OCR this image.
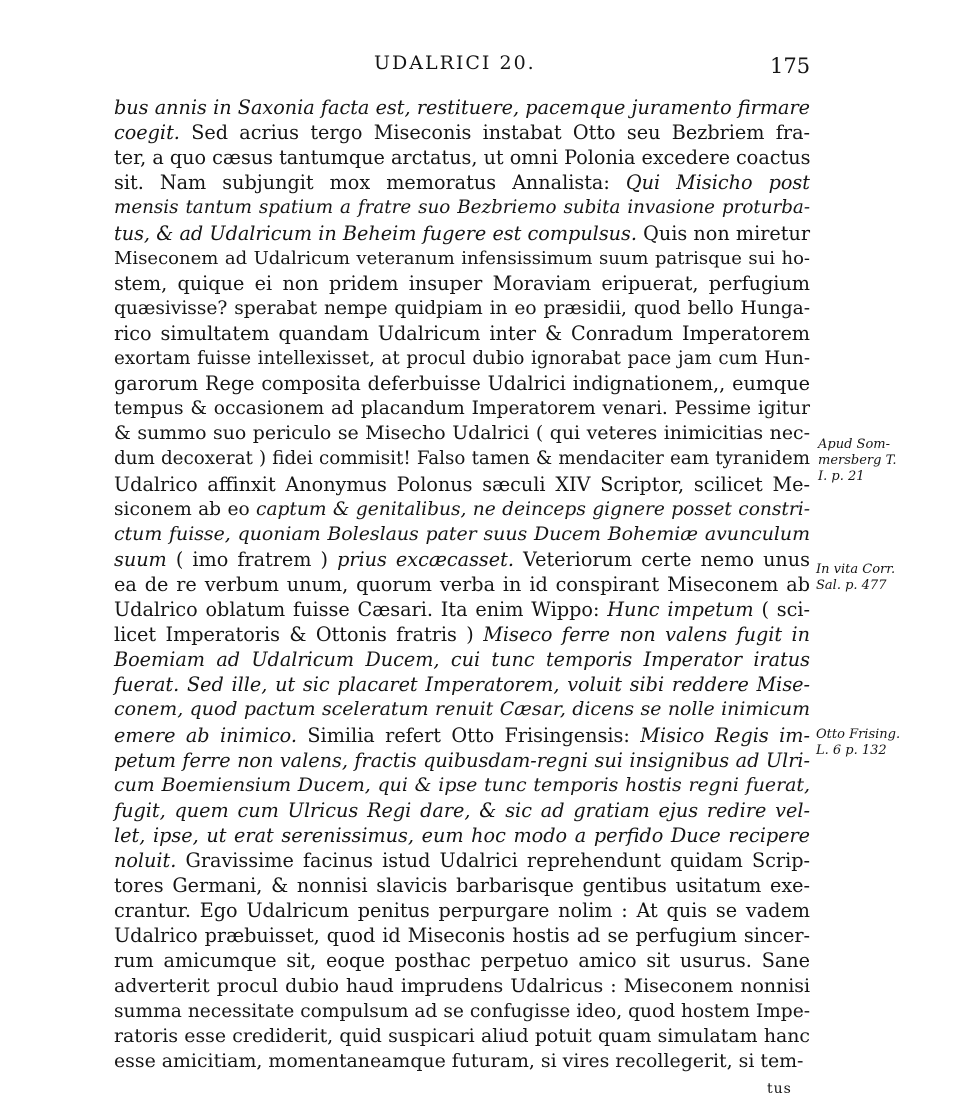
UDALRICI 20.	175
bus annis in Saxonia facta est, restituere, pacemque juramento firmare
coegit. Sed acrius tergo Miseconis instabat Otto seu Bezbriem fra-
ter, a quo cæsus tantumque arctatus, ut omni Polonia excedere coactus
sit. Nam subjungit mox memoratus Annalista: Qui Misicho post
mensis tantum spatium a fratre suo Bezbriemo subita invasione proturba-
tus, & ad Udalricum in Beheim fugere est compulsus. Quis non miretur
Miseconem ad Udalricum veteranum infensissimum suum patrisque sui ho-
stem, quique ei non pridem insuper Moraviam eripuerat, perfugium
quæsivisse? sperabat nempe quidpiam in eo præsidii, quod bello Hunga-
rico simultatem quandam Udalricum inter & Conradum Imperatorem
exortam fuisse intellexisset, at procul dubio ignorabat pace jam cum Hun-
garorum Rege composita deferbuisse Udalrici indignationem,, eumque
tempus & occasionem ad placandum Imperatorem venari. Pessime igitur
& summo suo periculo se Misecho Udalrici ( qui veteres inimicitias nec-
dum decoxerat ) fidei commisit! Falso tamen & mendaciter eam tyranidem
Udalrico affinxit Anonymus Polonus sæculi XIV Scriptor, scilicet Me-
siconem ab eo captum & genitalibus, ne deinceps gignere posset constri-
ctum fuisse, quoniam Boleslaus pater suus Ducem Bohemiæ avunculum
suum ( imo fratrem ) prius excæcasset. Veteriorum certe nemo unus
ea de re verbum unum, quorum verba in id conspirant Miseconem ab
Udalrico oblatum fuisse Cæsari. Ita enim Wippo: Hunc impetum ( sci-
licet Imperatoris & Ottonis fratris ) Miseco ferre non valens fugit in
Boemiam ad Udalricum Ducem, cui tunc temporis Imperator iratus
fuerat. Sed ille, ut sic placaret Imperatorem, voluit sibi reddere Mise-
conem, quod pactum sceleratum renuit Cæsar, dicens se nolle inimicum
emere ab inimico. Similia refert Otto Frisingensis: Misico Regis im-
petum ferre non valens, fractis quibusdam-regni sui insignibus ad Ulri-
cum Boemiensium Ducem, qui & ipse tunc temporis hostis regni fuerat,
fugit, quem cum Ulricus Regi dare, & sic ad gratiam ejus redire vel-
let, ipse, ut erat serenissimus, eum hoc modo a perfido Duce recipere
noluit. Gravissime facinus istud Udalrici reprehendunt quidam Scrip-
tores Germani, & nonnisi slavicis barbarisque gentibus usitatum exe-
crantur. Ego Udalricum penitus perpurgare nolim : At quis se vadem
Udalrico præbuisset, quod id Miseconis hostis ad se perfugium sincer-
rum amicumque sit, eoque posthac perpetuo amico sit usurus. Sane
adverterit procul dubio haud imprudens Udalricus : Miseconem nonnisi
summa necessitate compulsum ad se confugisse ideo, quod hostem Impe-
ratoris esse crediderit, quid suspicari aliud potuit quam simulatam hanc
esse amicitiam, momentaneamque futuram, si vires recollegerit, si tem-
Apud Som-
mersberg T.
I. p. 21
In vita Corr.
Sal. p. 477
Otto Frising.
L. 6 p. 132
tus
